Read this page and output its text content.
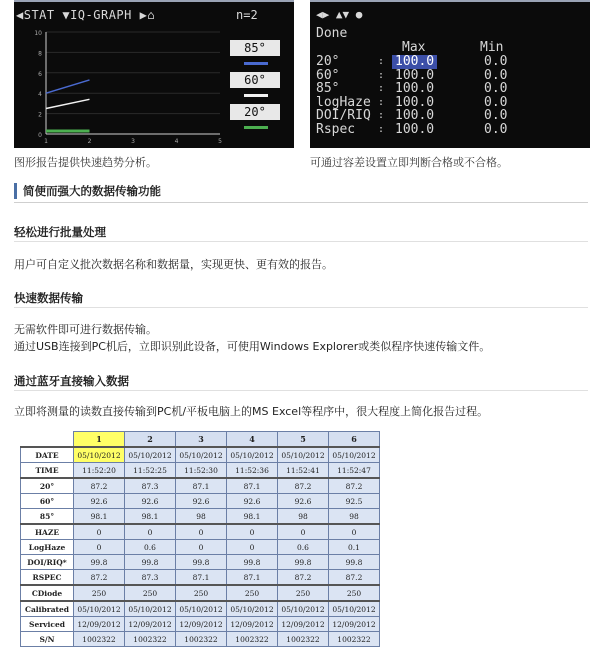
◀STAT ▼IQ-GRAPH ▶⌂	n=2
10
8
6
4
2
0
1	2	3	4	5
85°
60°
20°
◀▶ ▲▼ ●
Done
Max	Min
20°	: 100.0	0.0
60°	: 100.0	0.0
85°	: 100.0	0.0
logHaze : 100.0	0.0
DOI/RIQ : 100.0	0.0
Rspec : 100.0	0.0
图形报告提供快速趋势分析。	可通过容差设置立即判断合格或不合格。
简便而强大的数据传输功能
轻松进行批量处理
用户可自定义批次数据名称和数据量，实现更快、更有效的报告。
快速数据传输
无需软件即可进行数据传输。
通过USB连接到PC机后，立即识别此设备，可使用Windows Explorer或类似程序快速传输文件。
通过蓝牙直接输入数据
立即将测量的读数直接传输到PC机/平板电脑上的MS Excel等程序中，很大程度上简化报告过程。
	1	2	3	4	5	6
DATE	05/10/2012	05/10/2012	05/10/2012	05/10/2012	05/10/2012	05/10/2012
TIME	11:52:20	11:52:25	11:52:30	11:52:36	11:52:41	11:52:47
20°	87.2	87.3	87.1	87.1	87.2	87.2
60°	92.6	92.6	92.6	92.6	92.6	92.5
85°	98.1	98.1	98	98.1	98	98
HAZE	0	0	0	0	0	0
LogHaze	0	0.6	0	0	0.6	0.1
DOI/RIQ*	99.8	99.8	99.8	99.8	99.8	99.8
RSPEC	87.2	87.3	87.1	87.1	87.2	87.2
CDiode	250	250	250	250	250	250
Calibrated	05/10/2012	05/10/2012	05/10/2012	05/10/2012	05/10/2012	05/10/2012
Serviced	12/09/2012	12/09/2012	12/09/2012	12/09/2012	12/09/2012	12/09/2012
S/N	1002322	1002322	1002322	1002322	1002322	1002322
